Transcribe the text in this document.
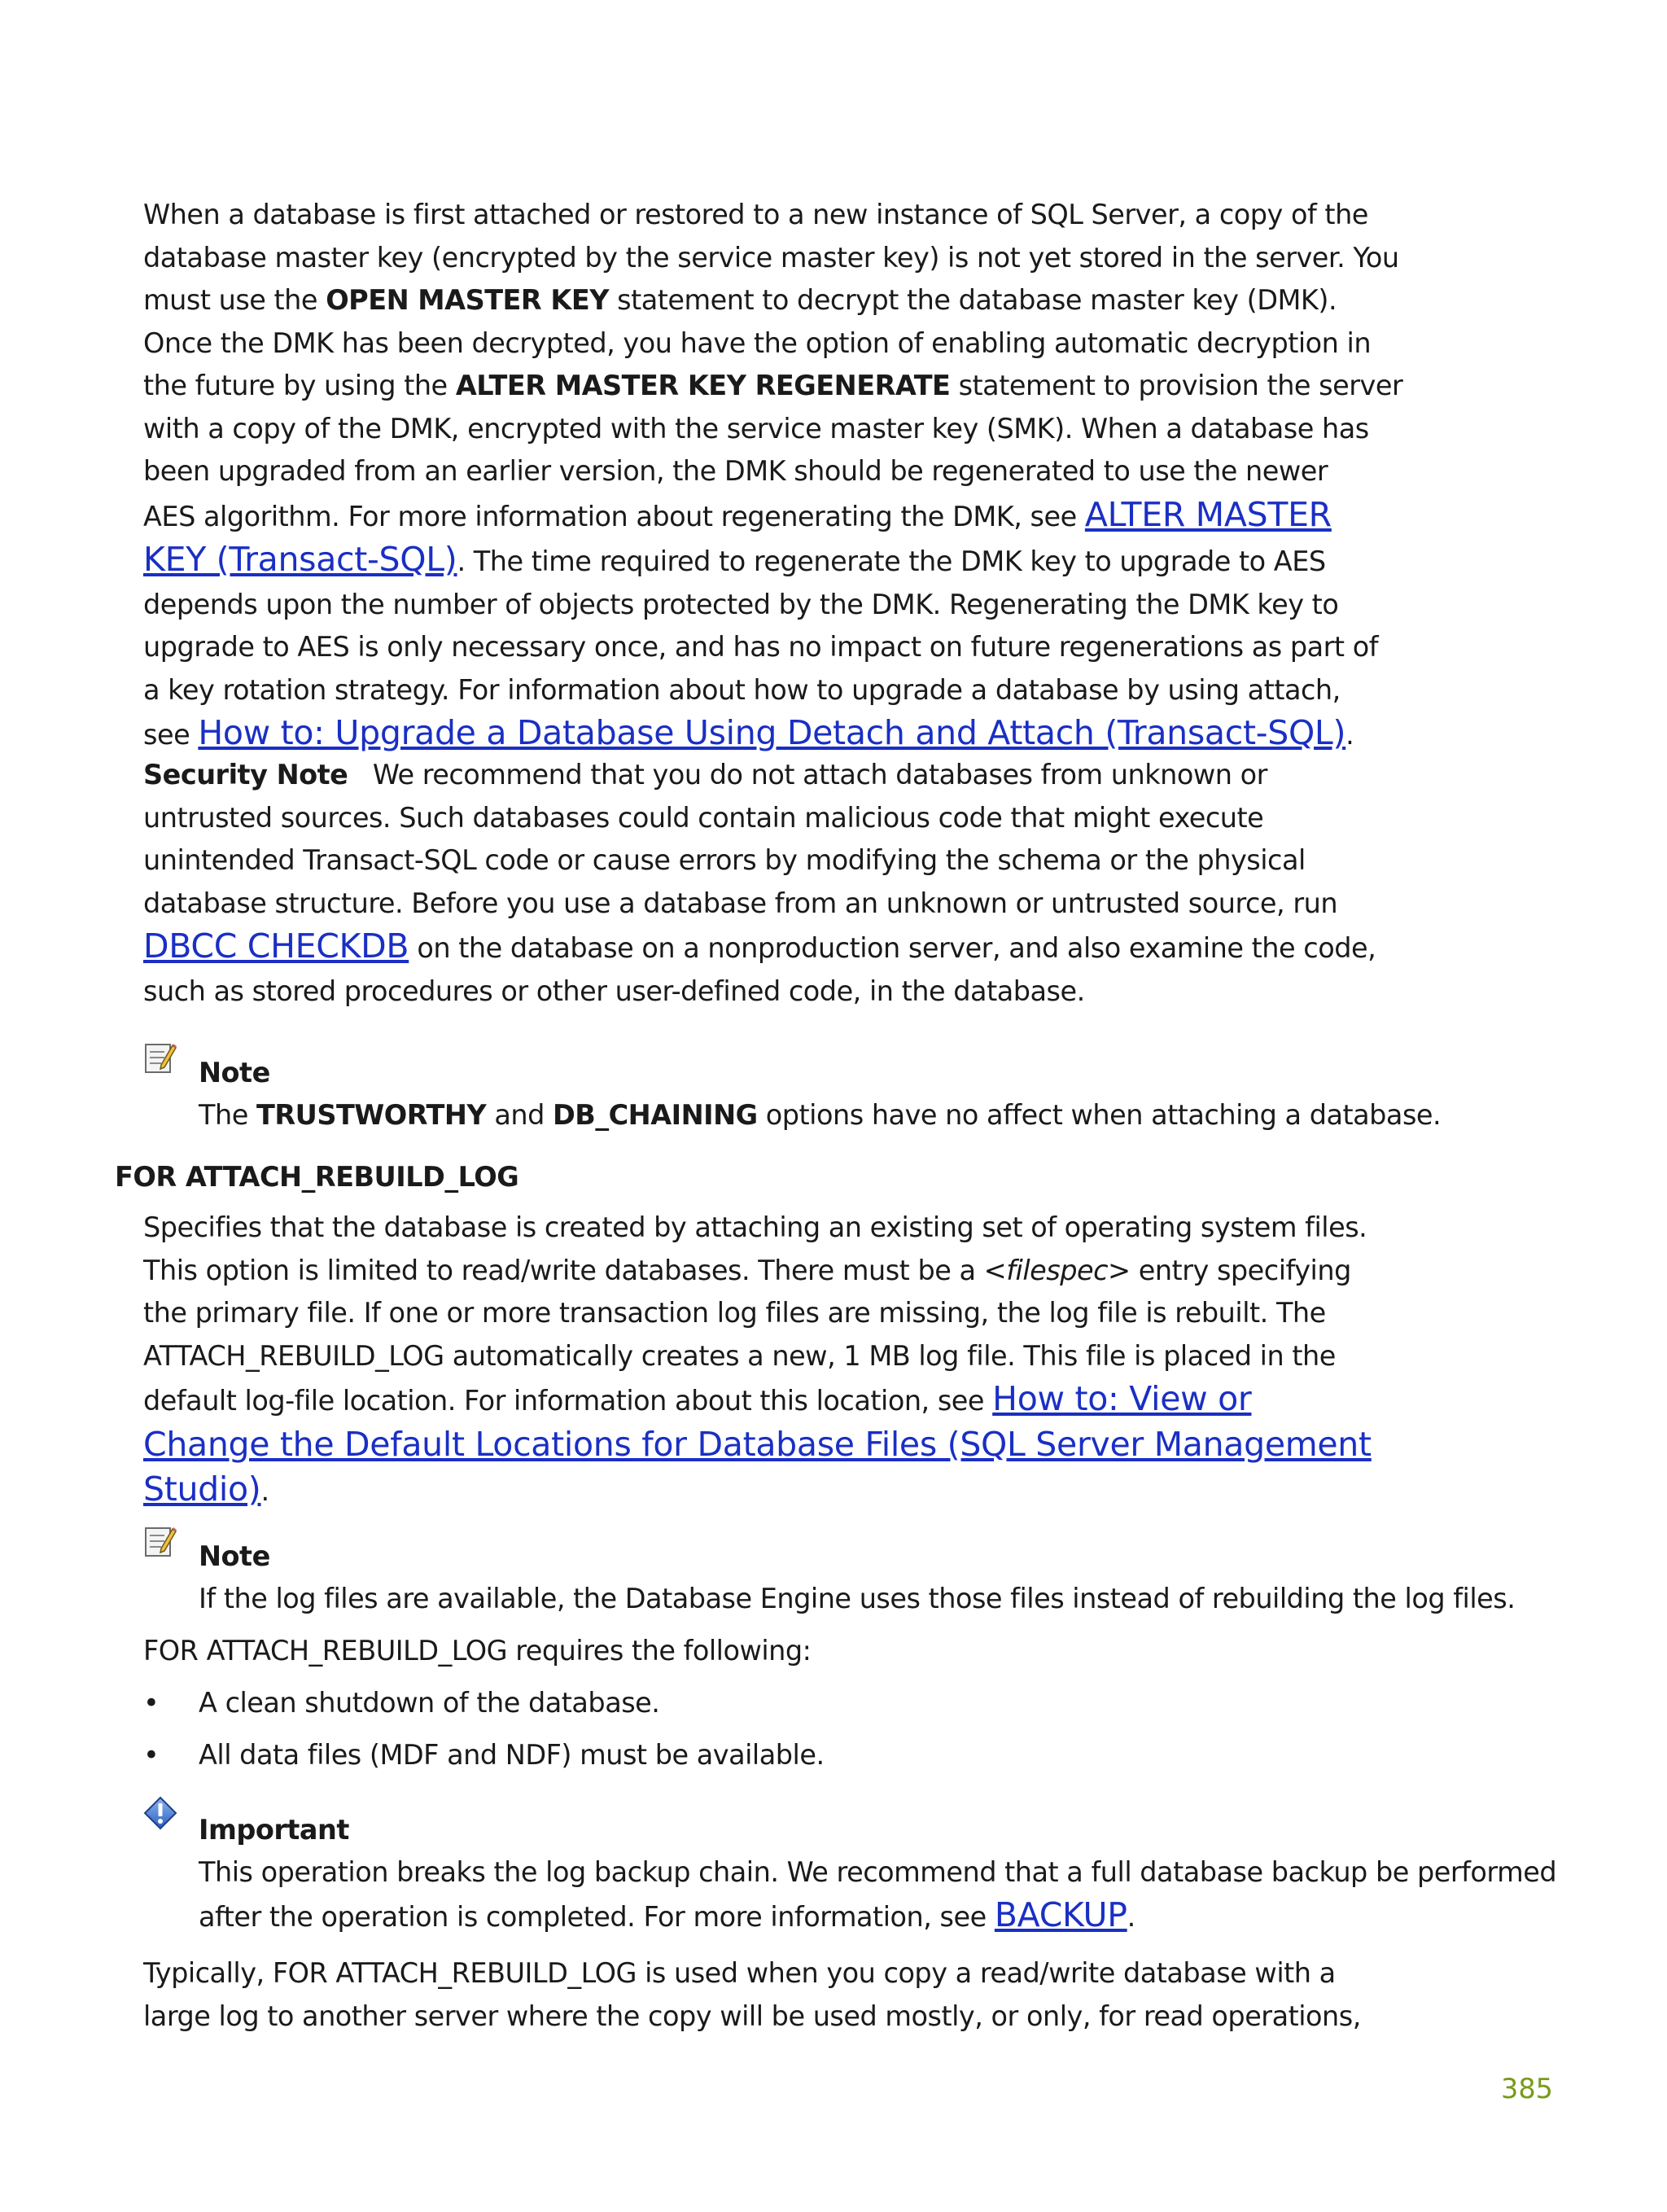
When a database is first attached or restored to a new instance of SQL Server, a copy of the
database master key (encrypted by the service master key) is not yet stored in the server. You
must use the OPEN MASTER KEY statement to decrypt the database master key (DMK).
Once the DMK has been decrypted, you have the option of enabling automatic decryption in
the future by using the ALTER MASTER KEY REGENERATE statement to provision the server
with a copy of the DMK, encrypted with the service master key (SMK). When a database has
been upgraded from an earlier version, the DMK should be regenerated to use the newer
AES algorithm. For more information about regenerating the DMK, see ALTER MASTER
KEY (Transact-SQL). The time required to regenerate the DMK key to upgrade to AES
depends upon the number of objects protected by the DMK. Regenerating the DMK key to
upgrade to AES is only necessary once, and has no impact on future regenerations as part of
a key rotation strategy. For information about how to upgrade a database by using attach,
see How to: Upgrade a Database Using Detach and Attach (Transact-SQL).
Security Note We recommend that you do not attach databases from unknown or
untrusted sources. Such databases could contain malicious code that might execute
unintended Transact-SQL code or cause errors by modifying the schema or the physical
database structure. Before you use a database from an unknown or untrusted source, run
DBCC CHECKDB on the database on a nonproduction server, and also examine the code,
such as stored procedures or other user-defined code, in the database.
Note
The TRUSTWORTHY and DB_CHAINING options have no affect when attaching a database.
FOR ATTACH_REBUILD_LOG
Specifies that the database is created by attaching an existing set of operating system files.
This option is limited to read/write databases. There must be a <filespec> entry specifying
the primary file. If one or more transaction log files are missing, the log file is rebuilt. The
ATTACH_REBUILD_LOG automatically creates a new, 1 MB log file. This file is placed in the
default log-file location. For information about this location, see How to: View or
Change the Default Locations for Database Files (SQL Server Management
Studio).
Note
If the log files are available, the Database Engine uses those files instead of rebuilding the log files.
FOR ATTACH_REBUILD_LOG requires the following:
• A clean shutdown of the database.
• All data files (MDF and NDF) must be available.
Important
This operation breaks the log backup chain. We recommend that a full database backup be performed
after the operation is completed. For more information, see BACKUP.
Typically, FOR ATTACH_REBUILD_LOG is used when you copy a read/write database with a
large log to another server where the copy will be used mostly, or only, for read operations,
385
